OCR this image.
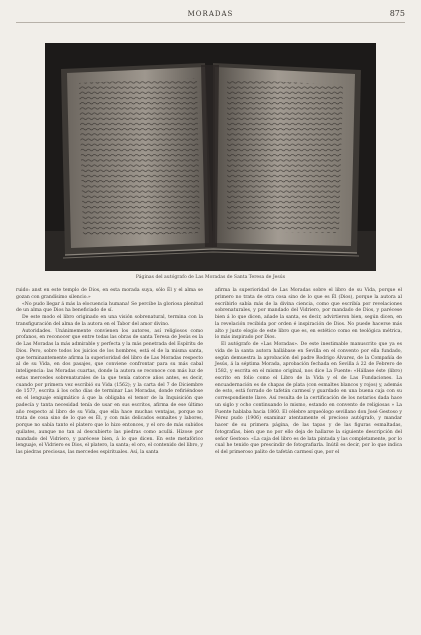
MORADAS	875
Páginas del autógrafo de Las Moradas de Santa Teresa de Jesús

ruido: anst en este templo de Dios, en esta morada suya, sólo Él y el alma se gozan con grandísimo silencio.»

«No pudo llegar á más la elocuencia humana! Se percibe la gloriosa plenitud de un alma que Dios ha beneficiado de sí.

De este modo el libro originado en una visión sobrenatural, termina con la transfiguración del alma de la autora en el Tabor del amor divino.

Autoridades. Unánimemente convienen los autores, así religiosos como profanos, en reconocer que entre todas las obras de santa Teresa de Jesús es la de Las Moradas la más admirable y perfecta y la más penetrada del Espíritu de Dios. Pero, sobre todos los juicios de los hombres, está el de la misma santa, que terminantemente afirma la superioridad del libro de Las Moradas respecto al de su Vida, en dos pasajes, que conviene confrontar para su más cabal inteligencia: las Moradas cuartas, donde la autora se reconoce con más luz de estas mercedes sobrenaturales de la que tenía catorce años antes, es decir, cuando por primera vez escribió su Vida (1562); y la carta del 7 de Diciembre de 1577, escrita á los ocho días de terminar Las Moradas, donde refiriéndose en el lenguaje enigmático á que la obligaba el temor de la Inquisición que padecía y tanta necesidad tenía de usar en sus escritos, afirma de ese último año respecto al libro de su Vida, que ella hace muchas ventajas, porque no trata de cosa sino de lo que es Él, y con más delicados esmaltes y labores, porque no sabía tanto el platero que lo hizo entonces, y el oro de más subidos quilates, aunque no tan al descubierto las piedras como acullá. Hízose por mandado del Vidriero, y parécese bien, á lo que dicen. En este metafórico lenguaje, el Vidriero es Dios, el platero, la santa; el oro, el contenido del libro, y las piedras preciosas, las mercedes espirituales. Así, la santa

afirma la superioridad de Las Moradas sobre el libro de su Vida, porque el primero no trata de otra cosa sino de lo que es Él (Dios), porque la autora al escribirlo sabía más de la divina ciencia, como que escribía por revelaciones sobrenaturales, y por mandado del Vidriero, por mandado de Dios, y parécese bien á lo que dicen, añade la santa, es decir, advirtieron bien, según dicen, en la revelación recibida por orden é inspiración de Dios. No puede hacerse más alto y justo elogio de este libro que es, en estético como en teológica métrica, lo más inspirado por Dios.

El autógrafo de «Las Moradas». De este inestimable manuscrito que ya es vida de la santa autora hallábase en Sevilla en el convento por ella fundado, según demuestra la aprobación del padre Rodrigo Álvarez, de la Compañía de Jesús, á la séptima Morada, aprobación fechada en Sevilla á 22 de Febrero de 1582, y escrita en el mismo original, nos dice La Fuente: «Hállase éste (libro) escrito en folio como el Libro de la Vida y el de Las Fundaciones. La encuadernación es de chapas de plata (con esmaltes blancos y rojos) y, además de esto, está forrado de tafetán carmesí y guardado en una buena caja con su correspondiente llave. Así resulta de la certificación de los notarios dada hace un siglo y ocho continuando lo mismo, estando en convento de religiosas » La Fuente hablaba hacia 1860. El célebre arqueólogo sevillano don José Gestoso y Pérez pudo (1906) examinar atentamente el precioso autógrafo, y mandar hacer de su primera página, de las tapas y de las figuras esmaltadas, fotografías, bien que no por ello deja de hallarse la siguiente descripción del señor Gestoso: «La caja del libro es de lata pintada y las completamente, por lo cual he tenido que prescindir de fotografiarla. Inútil es decir, por lo que indica el del primeroso palito de tafetán carmesí que, por el
